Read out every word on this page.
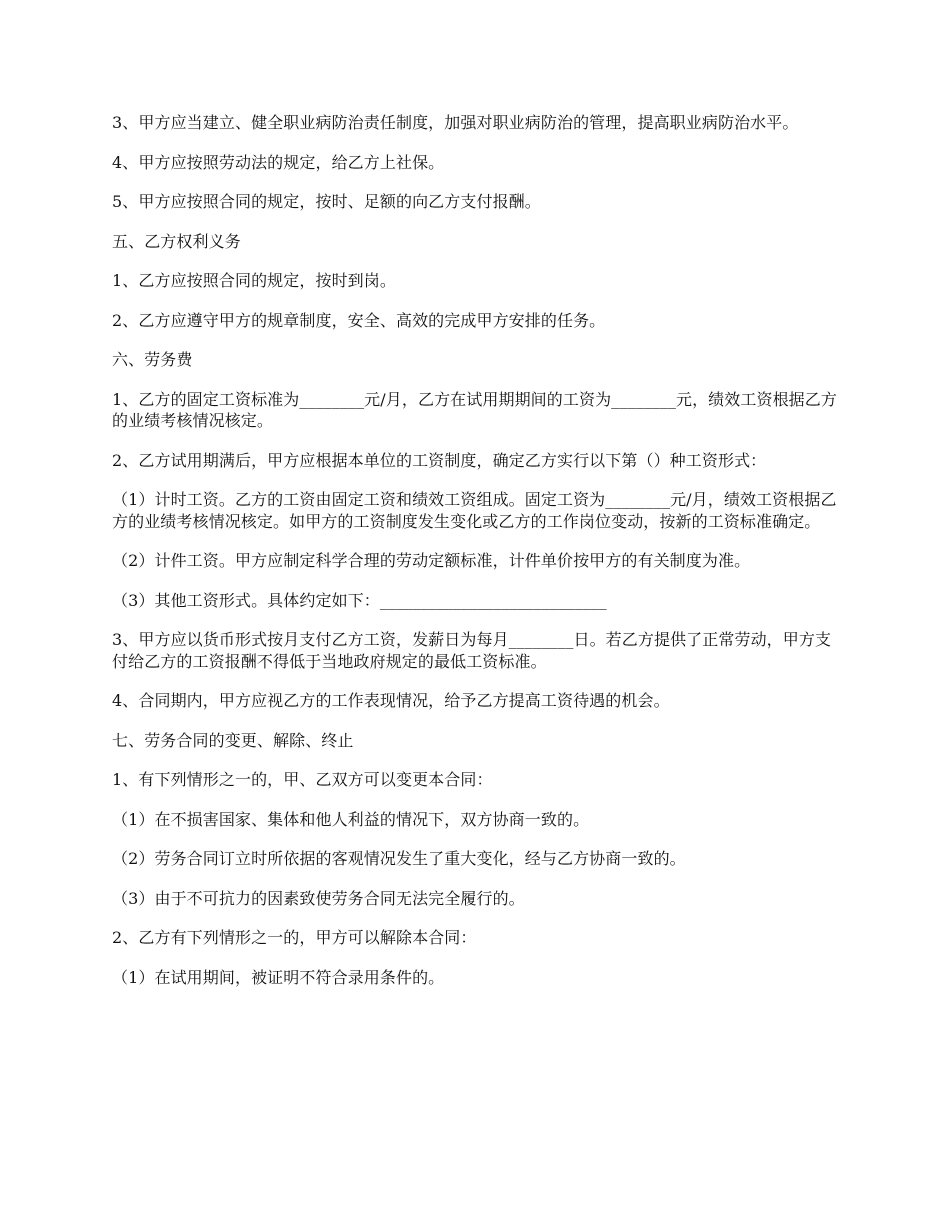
3、甲方应当建立、健全职业病防治责任制度，加强对职业病防治的管理，提高职业病防治水平。

4、甲方应按照劳动法的规定，给乙方上社保。

5、甲方应按照合同的规定，按时、足额的向乙方支付报酬。

五、乙方权利义务

1、乙方应按照合同的规定，按时到岗。

2、乙方应遵守甲方的规章制度，安全、高效的完成甲方安排的任务。

六、劳务费

1、乙方的固定工资标准为________元/月，乙方在试用期期间的工资为________元，绩效工资根据乙方的业绩考核情况核定。

2、乙方试用期满后，甲方应根据本单位的工资制度，确定乙方实行以下第（）种工资形式：

（1）计时工资。乙方的工资由固定工资和绩效工资组成。固定工资为________元/月，绩效工资根据乙方的业绩考核情况核定。如甲方的工资制度发生变化或乙方的工作岗位变动，按新的工资标准确定。

（2）计件工资。甲方应制定科学合理的劳动定额标准，计件单价按甲方的有关制度为准。

（3）其他工资形式。具体约定如下：____________________________

3、甲方应以货币形式按月支付乙方工资，发薪日为每月________日。若乙方提供了正常劳动，甲方支付给乙方的工资报酬不得低于当地政府规定的最低工资标准。

4、合同期内，甲方应视乙方的工作表现情况，给予乙方提高工资待遇的机会。

七、劳务合同的变更、解除、终止

1、有下列情形之一的，甲、乙双方可以变更本合同：

（1）在不损害国家、集体和他人利益的情况下，双方协商一致的。

（2）劳务合同订立时所依据的客观情况发生了重大变化，经与乙方协商一致的。

（3）由于不可抗力的因素致使劳务合同无法完全履行的。

2、乙方有下列情形之一的，甲方可以解除本合同：

（1）在试用期间，被证明不符合录用条件的。
